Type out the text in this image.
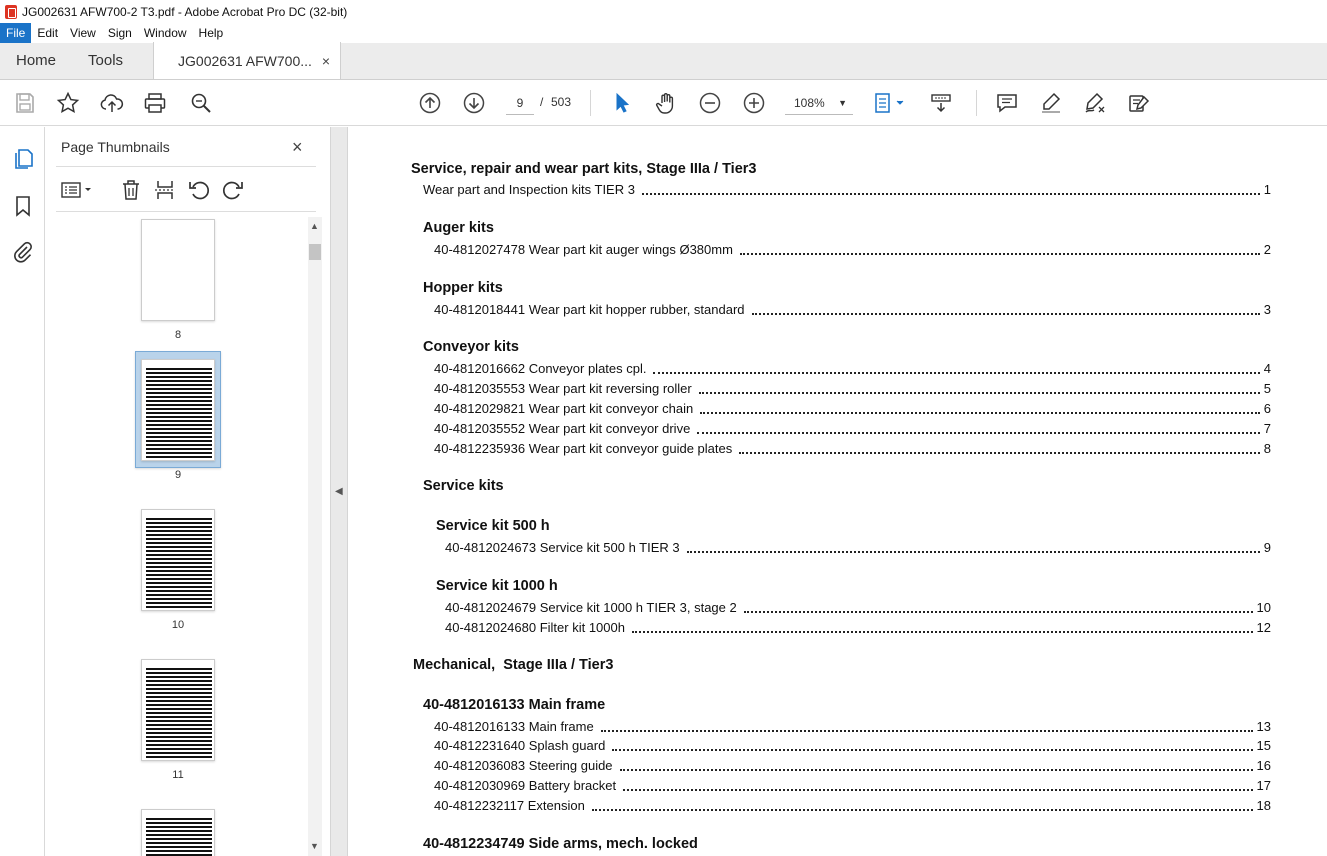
JG002631 AFW700-2 T3.pdf - Adobe Acrobat Pro DC (32-bit)
File	Edit	View	Sign	Window	Help
Home	Tools	JG002631 AFW700... ×
9
/ 503	108% ▼
Page Thumbnails	×
8
9
10
11
▲
▼
◀
Service, repair and wear part kits, Stage IIIa / Tier3
Wear part and Inspection kits TIER 3	1
Auger kits
40-4812027478 Wear part kit auger wings Ø380mm	2
Hopper kits
40-4812018441 Wear part kit hopper rubber, standard	3
Conveyor kits
40-4812016662 Conveyor plates cpl.	4
40-4812035553 Wear part kit reversing roller	5
40-4812029821 Wear part kit conveyor chain	6
40-4812035552 Wear part kit conveyor drive	7
40-4812235936 Wear part kit conveyor guide plates	8
Service kits
Service kit 500 h
40-4812024673 Service kit 500 h TIER 3	9
Service kit 1000 h
40-4812024679 Service kit 1000 h TIER 3, stage 2	10
40-4812024680 Filter kit 1000h	12
Mechanical,  Stage IIIa / Tier3
40-4812016133 Main frame
40-4812016133 Main frame	13
40-4812231640 Splash guard	15
40-4812036083 Steering guide	16
40-4812030969 Battery bracket	17
40-4812232117 Extension	18
40-4812234749 Side arms, mech. locked
